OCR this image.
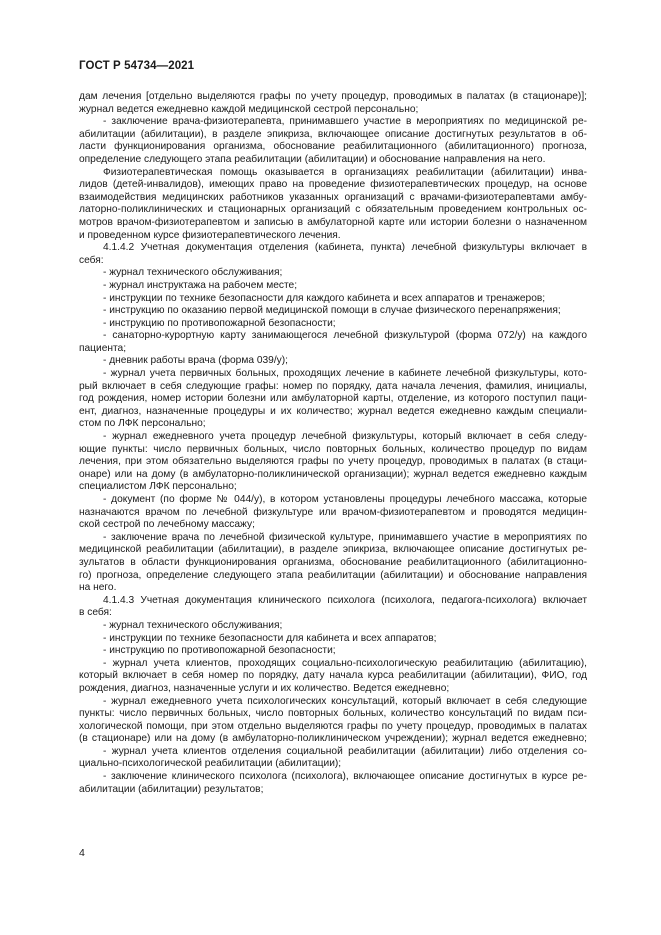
ГОСТ Р 54734—2021
дам лечения [отдельно выделяются графы по учету процедур, проводимых в палатах (в стационаре)];
журнал ведется ежедневно каждой медицинской сестрой персонально;
- заключение врача-физиотерапевта, принимавшего участие в мероприятиях по медицинской ре-
абилитации (абилитации), в разделе эпикриза, включающее описание достигнутых результатов в об-
ласти функционирования организма, обоснование реабилитационного (абилитационного) прогноза,
определение следующего этапа реабилитации (абилитации) и обоснование направления на него.
Физиотерапевтическая помощь оказывается в организациях реабилитации (абилитации) инва-
лидов (детей-инвалидов), имеющих право на проведение физиотерапевтических процедур, на основе
взаимодействия медицинских работников указанных организаций с врачами-физиотерапевтами амбу-
латорно-поликлинических и стационарных организаций с обязательным проведением контрольных ос-
мотров врачом-физиотерапевтом и записью в амбулаторной карте или истории болезни о назначенном
и проведенном курсе физиотерапевтического лечения.
4.1.4.2 Учетная документация отделения (кабинета, пункта) лечебной физкультуры включает в
себя:
- журнал технического обслуживания;
- журнал инструктажа на рабочем месте;
- инструкции по технике безопасности для каждого кабинета и всех аппаратов и тренажеров;
- инструкцию по оказанию первой медицинской помощи в случае физического перенапряжения;
- инструкцию по противопожарной безопасности;
- санаторно-курортную карту занимающегося лечебной физкультурой (форма 072/у) на каждого
пациента;
- дневник работы врача (форма 039/у);
- журнал учета первичных больных, проходящих лечение в кабинете лечебной физкультуры, кото-
рый включает в себя следующие графы: номер по порядку, дата начала лечения, фамилия, инициалы,
год рождения, номер истории болезни или амбулаторной карты, отделение, из которого поступил паци-
ент, диагноз, назначенные процедуры и их количество; журнал ведется ежедневно каждым специали-
стом по ЛФК персонально;
- журнал ежедневного учета процедур лечебной физкультуры, который включает в себя следу-
ющие пункты: число первичных больных, число повторных больных, количество процедур по видам
лечения, при этом обязательно выделяются графы по учету процедур, проводимых в палатах (в стаци-
онаре) или на дому (в амбулаторно-поликлинической организации); журнал ведется ежедневно каждым
специалистом ЛФК персонально;
- документ (по форме № 044/у), в котором установлены процедуры лечебного массажа, которые
назначаются врачом по лечебной физкультуре или врачом-физиотерапевтом и проводятся медицин-
ской сестрой по лечебному массажу;
- заключение врача по лечебной физической культуре, принимавшего участие в мероприятиях по
медицинской реабилитации (абилитации), в разделе эпикриза, включающее описание достигнутых ре-
зультатов в области функционирования организма, обоснование реабилитационного (абилитационно-
го) прогноза, определение следующего этапа реабилитации (абилитации) и обоснование направления
на него.
4.1.4.3 Учетная документация клинического психолога (психолога, педагога-психолога) включает
в себя:
- журнал технического обслуживания;
- инструкции по технике безопасности для кабинета и всех аппаратов;
- инструкцию по противопожарной безопасности;
- журнал учета клиентов, проходящих социально-психологическую реабилитацию (абилитацию),
который включает в себя номер по порядку, дату начала курса реабилитации (абилитации), ФИО, год
рождения, диагноз, назначенные услуги и их количество. Ведется ежедневно;
- журнал ежедневного учета психологических консультаций, который включает в себя следующие
пункты: число первичных больных, число повторных больных, количество консультаций по видам пси-
хологической помощи, при этом отдельно выделяются графы по учету процедур, проводимых в палатах
(в стационаре) или на дому (в амбулаторно-поликлиническом учреждении); журнал ведется ежедневно;
- журнал учета клиентов отделения социальной реабилитации (абилитации) либо отделения со-
циально-психологической реабилитации (абилитации);
- заключение клинического психолога (психолога), включающее описание достигнутых в курсе ре-
абилитации (абилитации) результатов;
4
